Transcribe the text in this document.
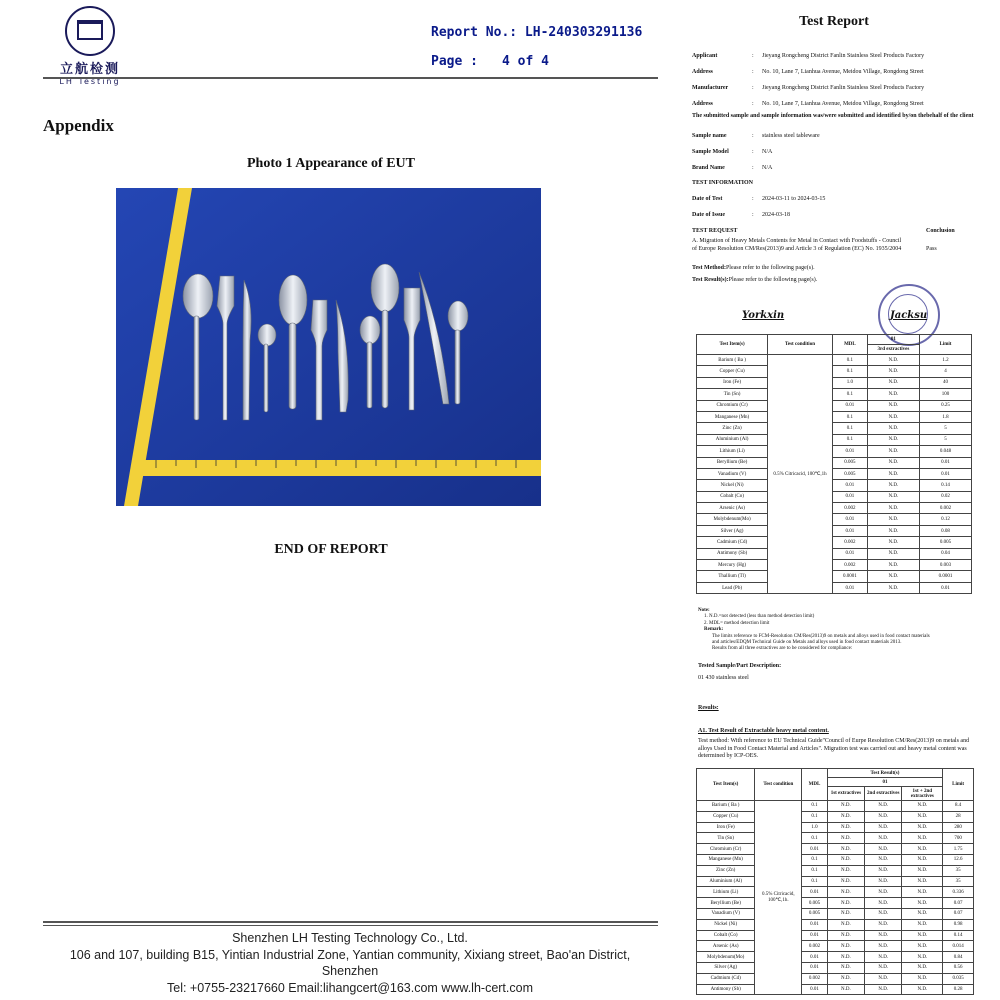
立航检测
LH Testing
Report No.: LH-240303291136
Page : 4 of 4
Appendix
Photo 1 Appearance of EUT
END OF REPORT
Shenzhen LH Testing Technology Co., Ltd.
106 and 107, building B15, Yintian Industrial Zone, Yantian community, Xixiang street, Bao'an District,
Shenzhen
Tel: +0755-23217660 Email:lihangcert@163.com www.lh-cert.com
Test Report
Applicant	: Jieyang Rongcheng District Fanlin Stainless Steel Products Factory
Address	: No. 10, Lane 7, Lianhua Avenue, Meidou Village, Rongdong Street
Manufacturer	: Jieyang Rongcheng District Fanlin Stainless Steel Products Factory
Address	: No. 10, Lane 7, Lianhua Avenue, Meidou Village, Rongdong Street
The submitted sample and sample information was/were submitted and identified by/on thebehalf of the client
Sample name	: stainless steel tableware
Sample Model	: N/A
Brand Name	: N/A
TEST INFORMATION
Date of Test	: 2024-03-11 to 2024-03-15
Date of Issue	: 2024-03-18
TEST REQUEST	Conclusion
A. Migration of Heavy Metals Contents for Metal in Contact with Foodstuffs - Council of Europe Resolution CM/Res(2013)9 and Article 3 of Regulation (EC) No. 1935/2004	Pass
Test Method:Please refer to the following page(s).
Test Result(s):Please refer to the following page(s).
Yorkxin	Jacksu
Test Item(s)	Test condition	MDL	01	Limit
			3rd extractives	
Barium ( Ba )	0.5% Citricacid, 100℃,1h	0.1	N.D.	1.2
Copper (Cu)		0.1	N.D.	4
Iron (Fe)		1.0	N.D.	40
Tin (Sn)		0.1	N.D.	100
Chromium (Cr)		0.01	N.D.	0.25
Manganese (Mn)		0.1	N.D.	1.8
Zinc (Zn)		0.1	N.D.	5
Aluminium (Al)		0.1	N.D.	5
Lithium (Li)		0.01	N.D.	0.048
Beryllium (Be)		0.005	N.D.	0.01
Vanadium (V)		0.005	N.D.	0.01
Nickel (Ni)		0.01	N.D.	0.14
Cobalt (Co)		0.01	N.D.	0.02
Arsenic (As)		0.002	N.D.	0.002
Molybdenum(Mo)		0.01	N.D.	0.12
Silver (Ag)		0.01	N.D.	0.08
Cadmium (Cd)		0.002	N.D.	0.005
Antimony (Sb)		0.01	N.D.	0.04
Mercury (Hg)		0.002	N.D.	0.003
Thallium (Tl)		0.0001	N.D.	0.0001
Lead (Pb)		0.01	N.D.	0.01
Note:
1. N.D.=not detected (less than method detection limit)
2. MDL= method detection limit
Remark:
The limits reference to FCM-Resolution CM/Res(2013)9 on metals and alloys used in food contact materials
and articles/EDQM Technical Guide on Metals and alloys used in food contact materials 2013.
Results from all three extractives are to be considered for compliance:
Tested Sample/Part Description:
01 430 stainless steel
Results:
A1. Test Result of Extractable heavy metal content.
Test method: With reference to EU Technical Guide"Council of Eurpe Resolution CM/Res(2013)9 on metals and alloys Used in Food Contact Material and Articles". Migration test was carried out and heavy metal content was determined by ICP-OES.
Test Item(s)	Test condition	MDL	Test Result(s)			Limit
			01			
			1st extractives	2nd extractives	1st + 2nd extractives	
Barium ( Ba )	0.5% Citricacid, 100℃,1h.	0.1	N.D.	N.D.	N.D.	8.4
Copper (Cu)		0.1	N.D.	N.D.	N.D.	28
Iron (Fe)		1.0	N.D.	N.D.	N.D.	280
Tin (Sn)		0.1	N.D.	N.D.	N.D.	700
Chromium (Cr)		0.01	N.D.	N.D.	N.D.	1.75
Manganese (Mn)		0.1	N.D.	N.D.	N.D.	12.6
Zinc (Zn)		0.1	N.D.	N.D.	N.D.	35
Aluminium (Al)		0.1	N.D.	N.D.	N.D.	35
Lithium (Li)		0.01	N.D.	N.D.	N.D.	0.336
Beryllium (Be)		0.005	N.D.	N.D.	N.D.	0.07
Vanadium (V)		0.005	N.D.	N.D.	N.D.	0.07
Nickel (Ni)		0.01	N.D.	N.D.	N.D.	0.98
Cobalt (Co)		0.01	N.D.	N.D.	N.D.	0.14
Arsenic (As)		0.002	N.D.	N.D.	N.D.	0.014
Molybdenum(Mo)		0.01	N.D.	N.D.	N.D.	0.84
Silver (Ag)		0.01	N.D.	N.D.	N.D.	0.56
Cadmium (Cd)		0.002	N.D.	N.D.	N.D.	0.035
Antimony (Sb)		0.01	N.D.	N.D.	N.D.	0.28
